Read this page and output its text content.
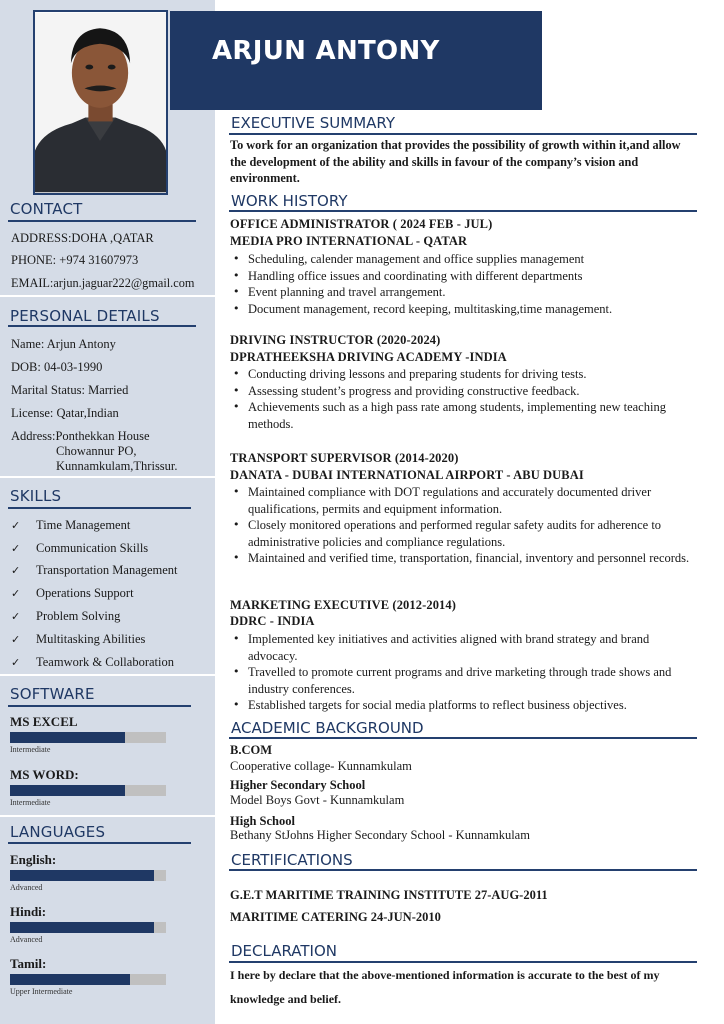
CONTACT
ADDRESS:DOHA ,QATAR
PHONE: +974 31607973
EMAIL:arjun.jaguar222@gmail.com
PERSONAL DETAILS
Name: Arjun Antony
DOB: 04-03-1990
Marital Status: Married
License: Qatar,Indian
Address:Ponthekkan House
Chowannur PO,
Kunnamkulam,Thrissur.
SKILLS
✓	Time Management
✓	Communication Skills
✓	Transportation Management
✓	Operations Support
✓	Problem Solving
✓	Multitasking Abilities
✓	Teamwork & Collaboration
SOFTWARE
MS EXCEL
Intermediate
MS WORD:
Intermediate
LANGUAGES
English:
Advanced
Hindi:
Advanced
Tamil:
Upper Intermediate
ARJUN ANTONY
EXECUTIVE SUMMARY
To work for an organization that provides the possibility of growth within it,and allow the development of the ability and skills in favour of the company’s vision and environment.
WORK HISTORY
OFFICE ADMINISTRATOR ( 2024 FEB - JUL)
MEDIA PRO INTERNATIONAL - QATAR
• Scheduling, calender management and office supplies management
• Handling office issues and coordinating with different departments
• Event planning and travel arrangement.
• Document management, record keeping, multitasking,time management.
DRIVING INSTRUCTOR (2020-2024)
DPRATHEEKSHA DRIVING ACADEMY -INDIA
• Conducting driving lessons and preparing students for driving tests.
• Assessing student’s progress and providing constructive feedback.
• Achievements such as a high pass rate among students, implementing new teaching methods.
TRANSPORT SUPERVISOR (2014-2020)
DANATA - DUBAI INTERNATIONAL AIRPORT - ABU DUBAI
• Maintained compliance with DOT regulations and accurately documented driver qualifications, permits and equipment information.
• Closely monitored operations and performed regular safety audits for adherence to administrative policies and compliance regulations.
• Maintained and verified time, transportation, financial, inventory and personnel records.
MARKETING EXECUTIVE (2012-2014)
DDRC - INDIA
• Implemented key initiatives and activities aligned with brand strategy and brand advocacy.
• Travelled to promote current programs and drive marketing through trade shows and industry conferences.
• Established targets for social media platforms to reflect business objectives.
ACADEMIC BACKGROUND
B.COM
Cooperative collage- Kunnamkulam
Higher Secondary School
Model Boys Govt - Kunnamkulam
High School
Bethany StJohns Higher Secondary School - Kunnamkulam
CERTIFICATIONS
G.E.T MARITIME TRAINING INSTITUTE 27-AUG-2011
MARITIME CATERING 24-JUN-2010
DECLARATION
I here by declare that the above-mentioned information is accurate to the best of my knowledge and belief.
